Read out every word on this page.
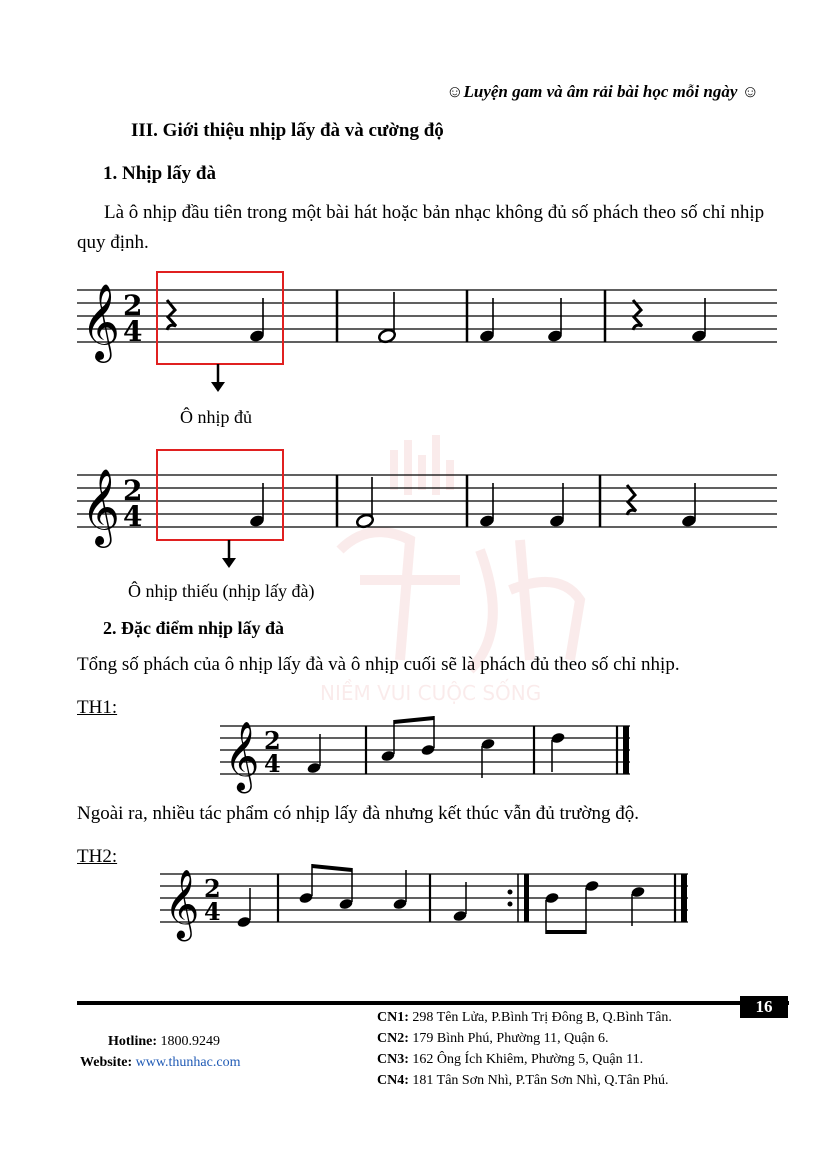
☺Luyện gam và âm rải bài học mỗi ngày ☺
III. Giới thiệu nhịp lấy đà và cường độ
1. Nhịp lấy đà
Là ô nhịp đầu tiên trong một bài hát hoặc bản nhạc không đủ số phách theo số chỉ nhịp quy định.
NIỀM VUI CUỘC SỐNG
𝄞 2
4
Ô nhịp đủ
𝄞 2
4
Ô nhịp thiếu (nhịp lấy đà)
2. Đặc điểm nhịp lấy đà
Tổng số phách của ô nhịp lấy đà và ô nhịp cuối sẽ là phách đủ theo số chỉ nhịp.
TH1:
𝄞 2
4
Ngoài ra, nhiều tác phẩm có nhịp lấy đà nhưng kết thúc vẫn đủ trường độ.
TH2:
𝄞 2
4
16
Hotline: 1800.9249
Website: www.thunhac.com
CN1: 298 Tên Lửa, P.Bình Trị Đông B, Q.Bình Tân.
CN2: 179 Bình Phú, Phường 11, Quận 6.
CN3: 162 Ông Ích Khiêm, Phường 5, Quận 11.
CN4: 181 Tân Sơn Nhì, P.Tân Sơn Nhì, Q.Tân Phú.
